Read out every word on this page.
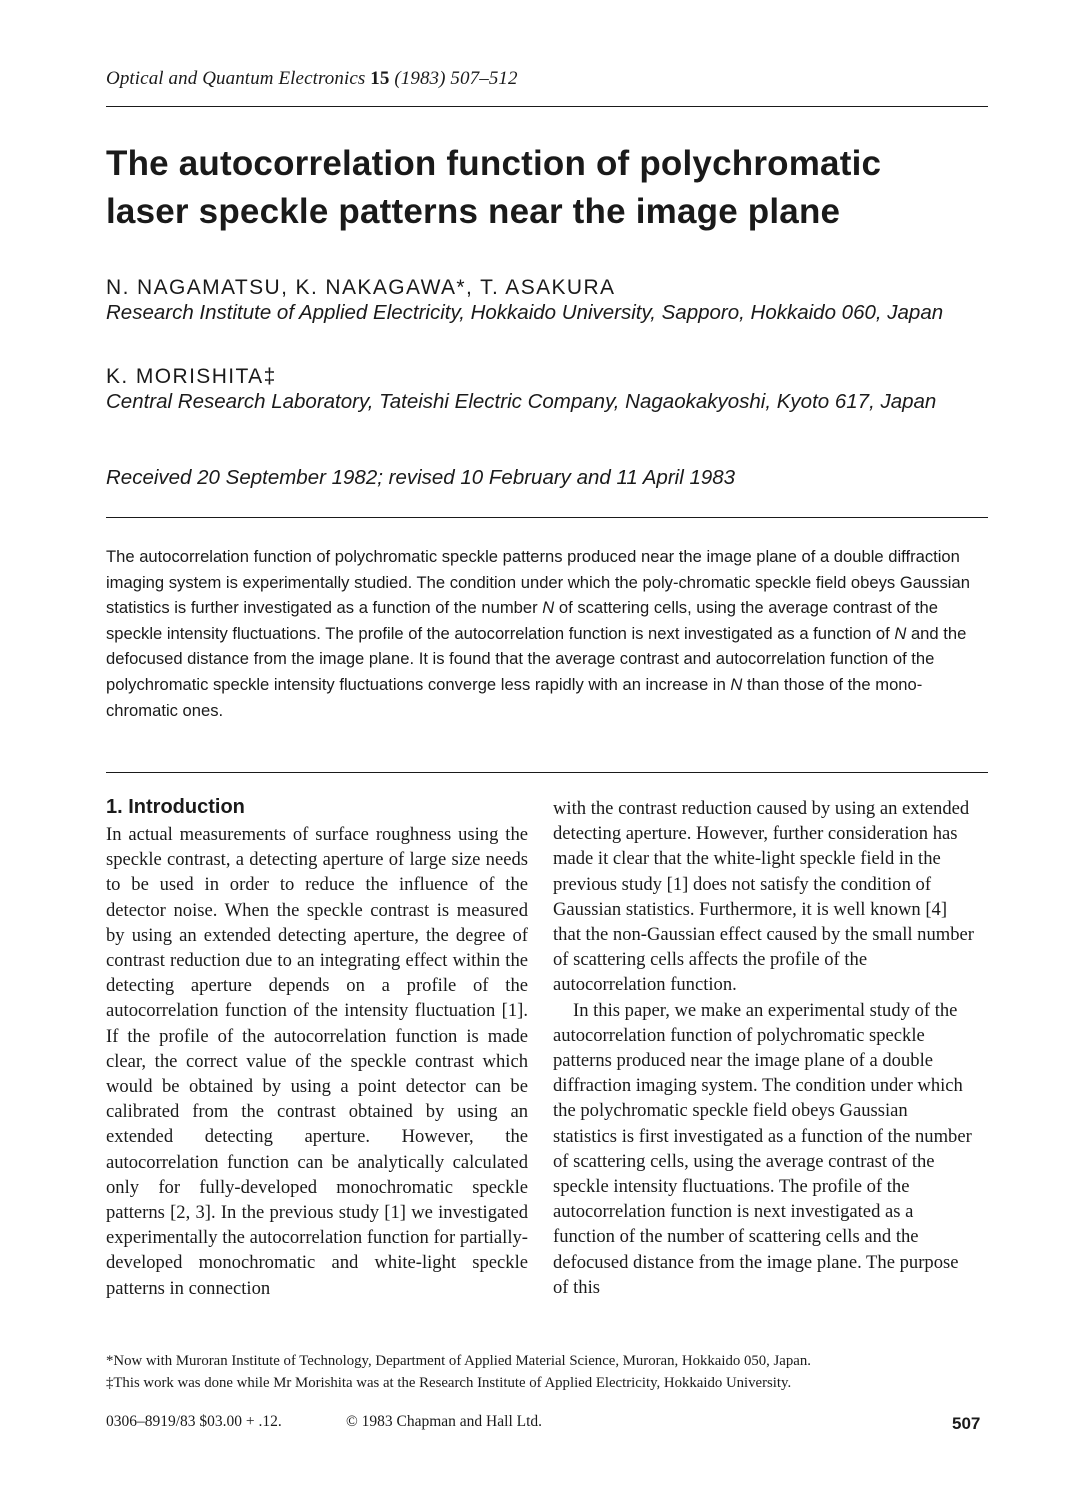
Optical and Quantum Electronics 15 (1983) 507–512
The autocorrelation function of polychromatic
laser speckle patterns near the image plane
N. NAGAMATSU, K. NAKAGAWA*, T. ASAKURA
Research Institute of Applied Electricity, Hokkaido University, Sapporo, Hokkaido 060, Japan
K. MORISHITA‡
Central Research Laboratory, Tateishi Electric Company, Nagaokakyoshi, Kyoto 617, Japan
Received 20 September 1982; revised 10 February and 11 April 1983

The autocorrelation function of polychromatic speckle patterns produced near the image plane of a double diffraction imaging system is experimentally studied. The condition under which the poly-chromatic speckle field obeys Gaussian statistics is further investigated as a function of the number N of scattering cells, using the average contrast of the speckle intensity fluctuations. The profile of the autocorrelation function is next investigated as a function of N and the defocused distance from the image plane. It is found that the average contrast and autocorrelation function of the polychromatic speckle intensity fluctuations converge less rapidly with an increase in N than those of the mono-chromatic ones.

1. Introduction

In actual measurements of surface roughness using the speckle contrast, a detecting aperture of large size needs to be used in order to reduce the influence of the detector noise. When the speckle contrast is measured by using an extended detecting aperture, the degree of contrast reduction due to an integrating effect within the detecting aperture depends on a profile of the autocorrelation function of the intensity fluctuation [1]. If the profile of the autocorrelation function is made clear, the correct value of the speckle contrast which would be obtained by using a point detector can be calibrated from the contrast obtained by using an extended detecting aperture. However, the autocorrelation function can be analytically calculated only for fully-developed monochromatic speckle patterns [2, 3]. In the previous study [1] we investigated experimentally the autocorrelation function for partially-developed monochromatic and white-light speckle patterns in connection

with the contrast reduction caused by using an extended detecting aperture. However, further consideration has made it clear that the white-light speckle field in the previous study [1] does not satisfy the condition of Gaussian statistics. Furthermore, it is well known [4] that the non-Gaussian effect caused by the small number of scattering cells affects the profile of the autocorrelation function.

In this paper, we make an experimental study of the autocorrelation function of polychromatic speckle patterns produced near the image plane of a double diffraction imaging system. The condition under which the polychromatic speckle field obeys Gaussian statistics is first investigated as a function of the number of scattering cells, using the average contrast of the speckle intensity fluctuations. The profile of the autocorrelation function is next investigated as a function of the number of scattering cells and the defocused distance from the image plane. The purpose of this

*Now with Muroran Institute of Technology, Department of Applied Material Science, Muroran, Hokkaido 050, Japan.
‡This work was done while Mr Morishita was at the Research Institute of Applied Electricity, Hokkaido University.
0306–8919/83 $03.00 + .12.	© 1983 Chapman and Hall Ltd.	507
